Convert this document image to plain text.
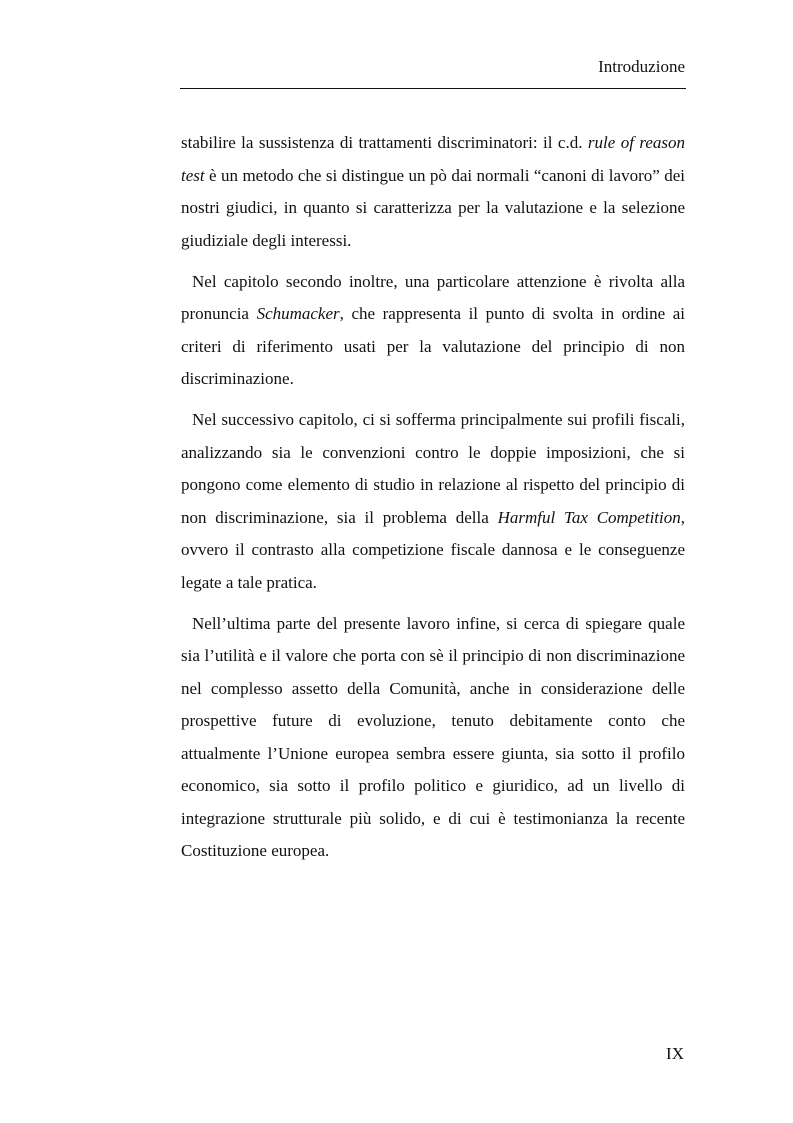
Introduzione

stabilire la sussistenza di trattamenti discriminatori: il c.d. rule of reason test è un metodo che si distingue un pò dai normali “canoni di lavoro” dei nostri giudici, in quanto si caratterizza per la valutazione e la selezione giudiziale degli interessi.

Nel capitolo secondo inoltre, una particolare attenzione è rivolta alla pronuncia Schumacker, che rappresenta il punto di svolta in ordine ai criteri di riferimento usati per la valutazione del principio di non discriminazione.

Nel successivo capitolo, ci si sofferma principalmente sui profili fiscali, analizzando sia le convenzioni contro le doppie imposizioni, che si pongono come elemento di studio in relazione al rispetto del principio di non discriminazione, sia il problema della Harmful Tax Competition, ovvero il contrasto alla competizione fiscale dannosa e le conseguenze legate a tale pratica.

Nell’ultima parte del presente lavoro infine, si cerca di spiegare quale sia l’utilità e il valore che porta con sè il principio di non discriminazione nel complesso assetto della Comunità, anche in considerazione delle prospettive future di evoluzione, tenuto debitamente conto che attualmente l’Unione europea sembra essere giunta, sia sotto il profilo economico, sia sotto il profilo politico e giuridico, ad un livello di integrazione strutturale più solido, e di cui è testimonianza la recente Costituzione europea.

IX
